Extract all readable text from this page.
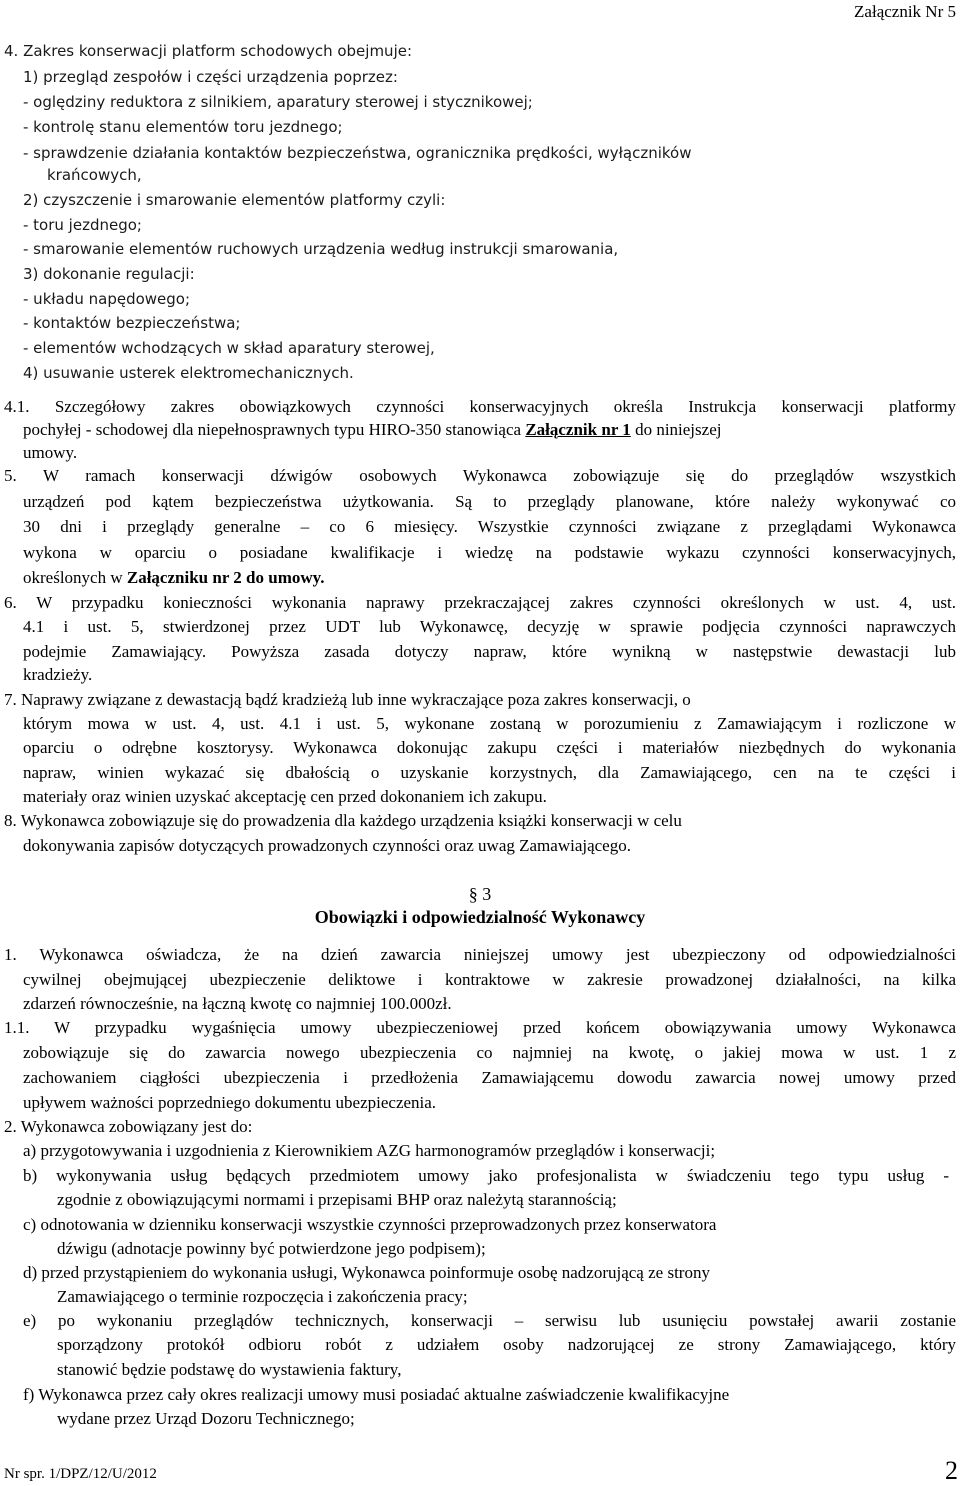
Załącznik Nr 5
4. Zakres konserwacji platform schodowych obejmuje:
1) przegląd zespołów i części urządzenia poprzez:
- oględziny reduktora z silnikiem, aparatury sterowej i stycznikowej;
- kontrolę stanu elementów toru jezdnego;
- sprawdzenie działania kontaktów bezpieczeństwa, ogranicznika prędkości, wyłączników
krańcowych,
2) czyszczenie i smarowanie elementów platformy czyli:
- toru jezdnego;
- smarowanie elementów ruchowych urządzenia według instrukcji smarowania,
3) dokonanie regulacji:
- układu napędowego;
- kontaktów bezpieczeństwa;
- elementów wchodzących w skład aparatury sterowej,
4) usuwanie usterek elektromechanicznych.
4.1. Szczegółowy zakres obowiązkowych czynności konserwacyjnych określa Instrukcja konserwacji platformy
pochyłej - schodowej dla niepełnosprawnych typu HIRO-350 stanowiąca Załącznik nr 1 do niniejszej
umowy.
5. W ramach konserwacji dźwigów osobowych Wykonawca zobowiązuje się do przeglądów wszystkich
urządzeń pod kątem bezpieczeństwa użytkowania. Są to przeglądy planowane, które należy wykonywać co
30 dni i przeglądy generalne – co 6 miesięcy. Wszystkie czynności związane z przeglądami Wykonawca
wykona w oparciu o posiadane kwalifikacje i wiedzę na podstawie wykazu czynności konserwacyjnych,
określonych w Załączniku nr 2 do umowy.
6. W przypadku konieczności wykonania naprawy przekraczającej zakres czynności określonych w ust. 4, ust.
4.1 i ust. 5, stwierdzonej przez UDT lub Wykonawcę, decyzję w sprawie podjęcia czynności naprawczych
podejmie Zamawiający. Powyższa zasada dotyczy napraw, które wynikną w następstwie dewastacji lub
kradzieży.
7. Naprawy związane z dewastacją bądź kradzieżą lub inne wykraczające poza zakres konserwacji, o
którym mowa w ust. 4, ust. 4.1 i ust. 5, wykonane zostaną w porozumieniu z Zamawiającym i rozliczone w
oparciu o odrębne kosztorysy. Wykonawca dokonując zakupu części i materiałów niezbędnych do wykonania
napraw, winien wykazać się dbałością o uzyskanie korzystnych, dla Zamawiającego, cen na te części i
materiały oraz winien uzyskać akceptację cen przed dokonaniem ich zakupu.
8. Wykonawca zobowiązuje się do prowadzenia dla każdego urządzenia książki konserwacji w celu
dokonywania zapisów dotyczących prowadzonych czynności oraz uwag Zamawiającego.
§ 3
Obowiązki i odpowiedzialność Wykonawcy
1. Wykonawca oświadcza, że na dzień zawarcia niniejszej umowy jest ubezpieczony od odpowiedzialności
cywilnej obejmującej ubezpieczenie deliktowe i kontraktowe w zakresie prowadzonej działalności, na kilka
zdarzeń równocześnie, na łączną kwotę co najmniej 100.000zł.
1.1. W przypadku wygaśnięcia umowy ubezpieczeniowej przed końcem obowiązywania umowy Wykonawca
zobowiązuje się do zawarcia nowego ubezpieczenia co najmniej na kwotę, o jakiej mowa w ust. 1 z
zachowaniem ciągłości ubezpieczenia i przedłożenia Zamawiającemu dowodu zawarcia nowej umowy przed
upływem ważności poprzedniego dokumentu ubezpieczenia.
2. Wykonawca zobowiązany jest do:
a) przygotowywania i uzgodnienia z Kierownikiem AZG harmonogramów przeglądów i konserwacji;
b) wykonywania usług będących przedmiotem umowy jako profesjonalista w świadczeniu tego typu usług -
zgodnie z obowiązującymi normami i przepisami BHP oraz należytą starannością;
c) odnotowania w dzienniku konserwacji wszystkie czynności przeprowadzonych przez konserwatora
dźwigu (adnotacje powinny być potwierdzone jego podpisem);
d) przed przystąpieniem do wykonania usługi, Wykonawca poinformuje osobę nadzorującą ze strony
Zamawiającego o terminie rozpoczęcia i zakończenia pracy;
e) po wykonaniu przeglądów technicznych, konserwacji – serwisu lub usunięciu powstałej awarii zostanie
sporządzony protokół odbioru robót z udziałem osoby nadzorującej ze strony Zamawiającego, który
stanowić będzie podstawę do wystawienia faktury,
f) Wykonawca przez cały okres realizacji umowy musi posiadać aktualne zaświadczenie kwalifikacyjne
wydane przez Urząd Dozoru Technicznego;
Nr spr. 1/DPZ/12/U/2012	2
